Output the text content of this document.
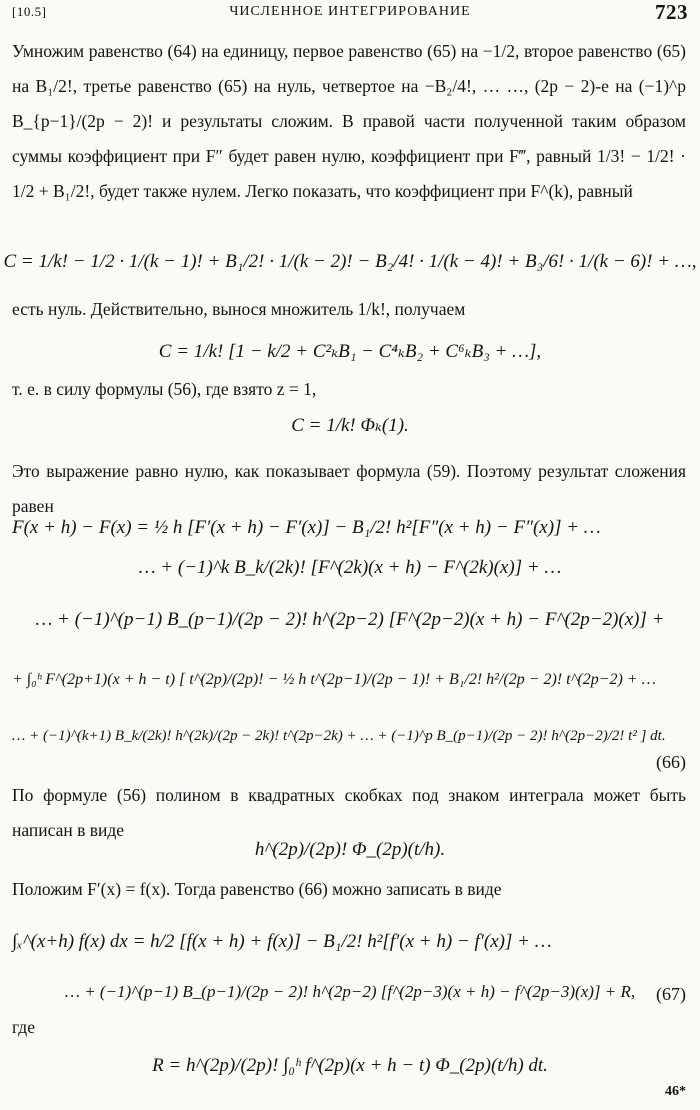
[10.5]	ЧИСЛЕННОЕ ИНТЕГРИРОВАНИЕ	723
Умножим равенство (64) на единицу, первое равенство (65) на −1/2, второе равенство (65) на B₁/2!, третье равенство (65) на нуль, четвертое на −B₂/4!, … …, (2p − 2)-е на (−1)^p B_{p−1}/(2p − 2)! и результаты сложим. В правой части полученной таким образом суммы коэффициент при F″ будет равен нулю, коэффициент при F‴, равный 1/3! − 1/2! · 1/2 + B₁/2!, будет также нулем. Легко показать, что коэффициент при F^(k), равный
C = 1/k! − 1/2 · 1/(k − 1)! + B₁/2! · 1/(k − 2)! − B₂/4! · 1/(k − 4)! + B₃/6! · 1/(k − 6)! + …,
есть нуль. Действительно, вынося множитель 1/k!, получаем
C = 1/k! [1 − k/2 + C²ₖB₁ − C⁴ₖB₂ + C⁶ₖB₃ + …],
т. е. в силу формулы (56), где взято z = 1,
C = 1/k! Φₖ(1).
Это выражение равно нулю, как показывает формула (59). Поэтому результат сложения равен
F(x + h) − F(x) = ½ h [F′(x + h) − F′(x)] − B₁/2! h²[F″(x + h) − F″(x)] + …
… + (−1)^k B_k/(2k)! [F^(2k)(x + h) − F^(2k)(x)] + …
… + (−1)^(p−1) B_(p−1)/(2p − 2)! h^(2p−2) [F^(2p−2)(x + h) − F^(2p−2)(x)] +
+ ∫₀ʰ F^(2p+1)(x + h − t) [ t^(2p)/(2p)! − ½ h t^(2p−1)/(2p − 1)! + B₁/2! h²/(2p − 2)! t^(2p−2) + …
… + (−1)^(k+1) B_k/(2k)! h^(2k)/(2p − 2k)! t^(2p−2k) + … + (−1)^p B_(p−1)/(2p − 2)! h^(2p−2)/2! t² ] dt.
(66)
По формуле (56) полином в квадратных скобках под знаком интеграла может быть написан в виде
h^(2p)/(2p)! Φ_(2p)(t/h).
Положим F′(x) = f(x). Тогда равенство (66) можно записать в виде
∫ₓ^(x+h) f(x) dx = h/2 [f(x + h) + f(x)] − B₁/2! h²[f′(x + h) − f′(x)] + …
… + (−1)^(p−1) B_(p−1)/(2p − 2)! h^(2p−2) [f^(2p−3)(x + h) − f^(2p−3)(x)] + R,	(67)
где
R = h^(2p)/(2p)! ∫₀ʰ f^(2p)(x + h − t) Φ_(2p)(t/h) dt.
46*
